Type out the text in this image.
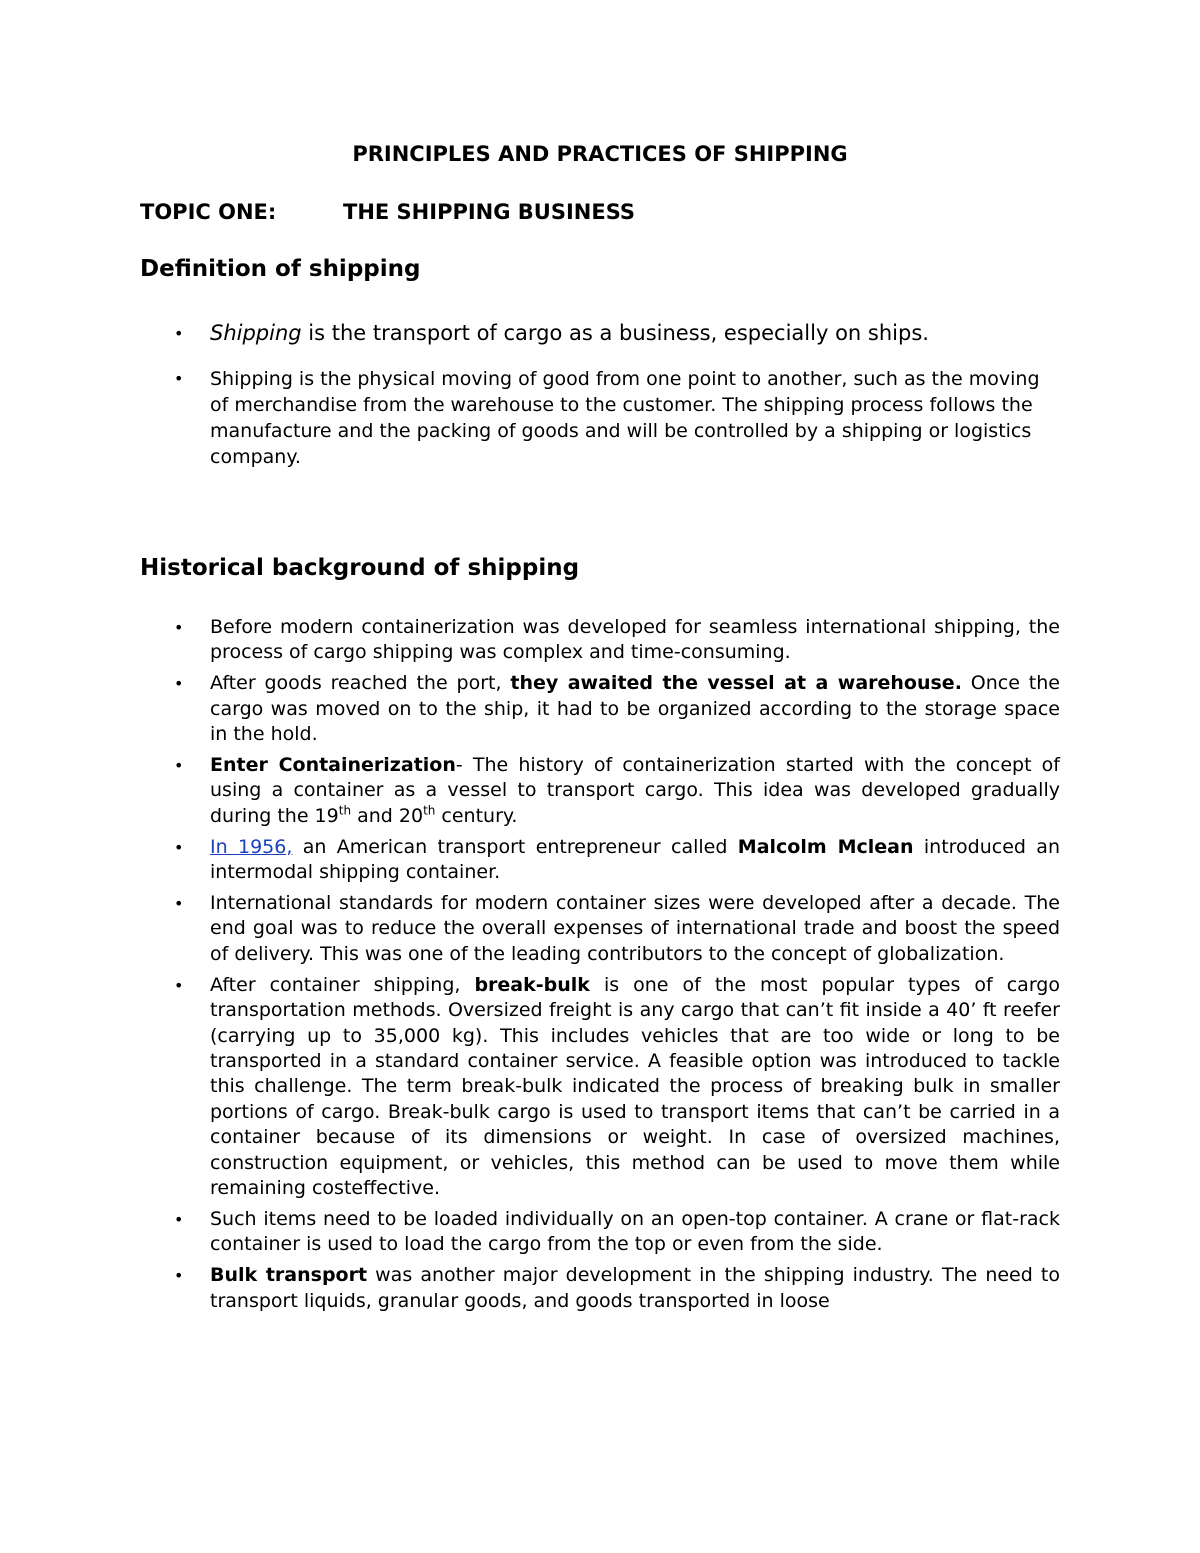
PRINCIPLES AND PRACTICES OF SHIPPING
TOPIC ONE:	THE SHIPPING BUSINESS
Definition of shipping
• Shipping is the transport of cargo as a business, especially on ships.
• Shipping is the physical moving of good from one point to another, such as the moving of merchandise from the warehouse to the customer. The shipping process follows the manufacture and the packing of goods and will be controlled by a shipping or logistics company.
Historical background of shipping
• Before modern containerization was developed for seamless international shipping, the process of cargo shipping was complex and time-consuming.
• After goods reached the port, they awaited the vessel at a warehouse. Once the cargo was moved on to the ship, it had to be organized according to the storage space in the hold.
• Enter Containerization- The history of containerization started with the concept of using a container as a vessel to transport cargo. This idea was developed gradually during the 19th and 20th century.
• In 1956, an American transport entrepreneur called Malcolm Mclean introduced an intermodal shipping container.
• International standards for modern container sizes were developed after a decade. The end goal was to reduce the overall expenses of international trade and boost the speed of delivery. This was one of the leading contributors to the concept of globalization.
• After container shipping, break-bulk is one of the most popular types of cargo transportation methods. Oversized freight is any cargo that can’t fit inside a 40’ ft reefer (carrying up to 35,000 kg). This includes vehicles that are too wide or long to be transported in a standard container service. A feasible option was introduced to tackle this challenge. The term break-bulk indicated the process of breaking bulk in smaller portions of cargo. Break-bulk cargo is used to transport items that can’t be carried in a container because of its dimensions or weight. In case of oversized machines, construction equipment, or vehicles, this method can be used to move them while remaining costeffective.
• Such items need to be loaded individually on an open-top container. A crane or flat-rack container is used to load the cargo from the top or even from the side.
• Bulk transport was another major development in the shipping industry. The need to transport liquids, granular goods, and goods transported in loose
